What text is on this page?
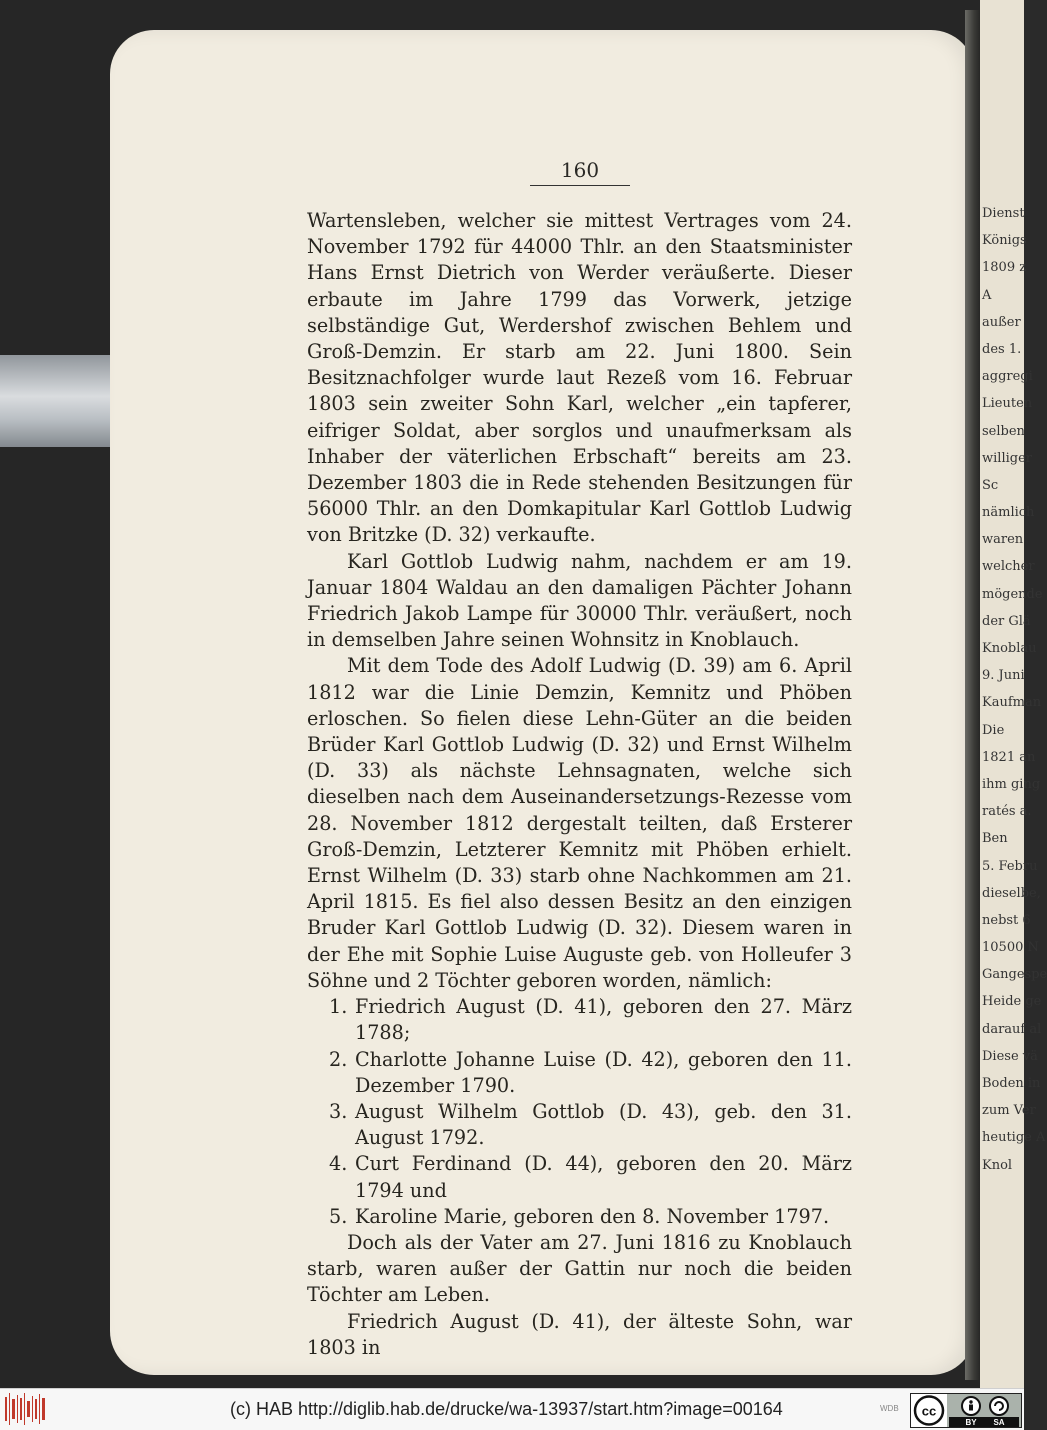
Dienst
Königs
1809 z
A
außer
des 1.
aggregi
Lieuten
selben
williger
Sc
nämlich
waren
welcher
mögende
der Glä
Knoblau
9. Juni
Kaufman
Die
1821 an
ihm ging
ratés a.
Ben
5. Febru
dieselbe,
nebst 6
10500 N
Gangespe
Heide ge
darauf al
Diese vä
Boden in
zum Ver
heutige A
Knol
160

Wartensleben, welcher sie mittest Vertrages vom 24. November 1792 für 44000 Thlr. an den Staatsminister Hans Ernst Dietrich von Werder veräußerte. Dieser erbaute im Jahre 1799 das Vorwerk, jetzige selbständige Gut, Werdershof zwischen Behlem und Groß-Demzin. Er starb am 22. Juni 1800. Sein Besitznachfolger wurde laut Rezeß vom 16. Februar 1803 sein zweiter Sohn Karl, welcher „ein tapferer, eifriger Soldat, aber sorglos und unaufmerksam als Inhaber der väterlichen Erbschaft“ bereits am 23. Dezember 1803 die in Rede stehenden Besitzungen für 56000 Thlr. an den Domkapitular Karl Gottlob Ludwig von Britzke (D. 32) verkaufte.

Karl Gottlob Ludwig nahm, nachdem er am 19. Januar 1804 Waldau an den damaligen Pächter Johann Friedrich Jakob Lampe für 30000 Thlr. veräußert, noch in demselben Jahre seinen Wohnsitz in Knoblauch.

Mit dem Tode des Adolf Ludwig (D. 39) am 6. April 1812 war die Linie Demzin, Kemnitz und Phöben erloschen. So fielen diese Lehn-Güter an die beiden Brüder Karl Gottlob Ludwig (D. 32) und Ernst Wilhelm (D. 33) als nächste Lehnsagnaten, welche sich dieselben nach dem Auseinandersetzungs-Rezesse vom 28. November 1812 dergestalt teilten, daß Ersterer Groß-Demzin, Letzterer Kemnitz mit Phöben erhielt. Ernst Wilhelm (D. 33) starb ohne Nachkommen am 21. April 1815. Es fiel also dessen Besitz an den einzigen Bruder Karl Gottlob Ludwig (D. 32). Diesem waren in der Ehe mit Sophie Luise Auguste geb. von Holleufer 3 Söhne und 2 Töchter geboren worden, nämlich:

1. Friedrich August (D. 41), geboren den 27. März 1788;
2. Charlotte Johanne Luise (D. 42), geboren den 11. Dezember 1790.
3. August Wilhelm Gottlob (D. 43), geb. den 31. August 1792.
4. Curt Ferdinand (D. 44), geboren den 20. März 1794 und
5. Karoline Marie, geboren den 8. November 1797.

Doch als der Vater am 27. Juni 1816 zu Knoblauch starb, waren außer der Gattin nur noch die beiden Töchter am Leben.

Friedrich August (D. 41), der älteste Sohn, war 1803 in

(c) HAB http://diglib.hab.de/drucke/wa-13937/start.htm?image=00164	WDB cc
BY SA
